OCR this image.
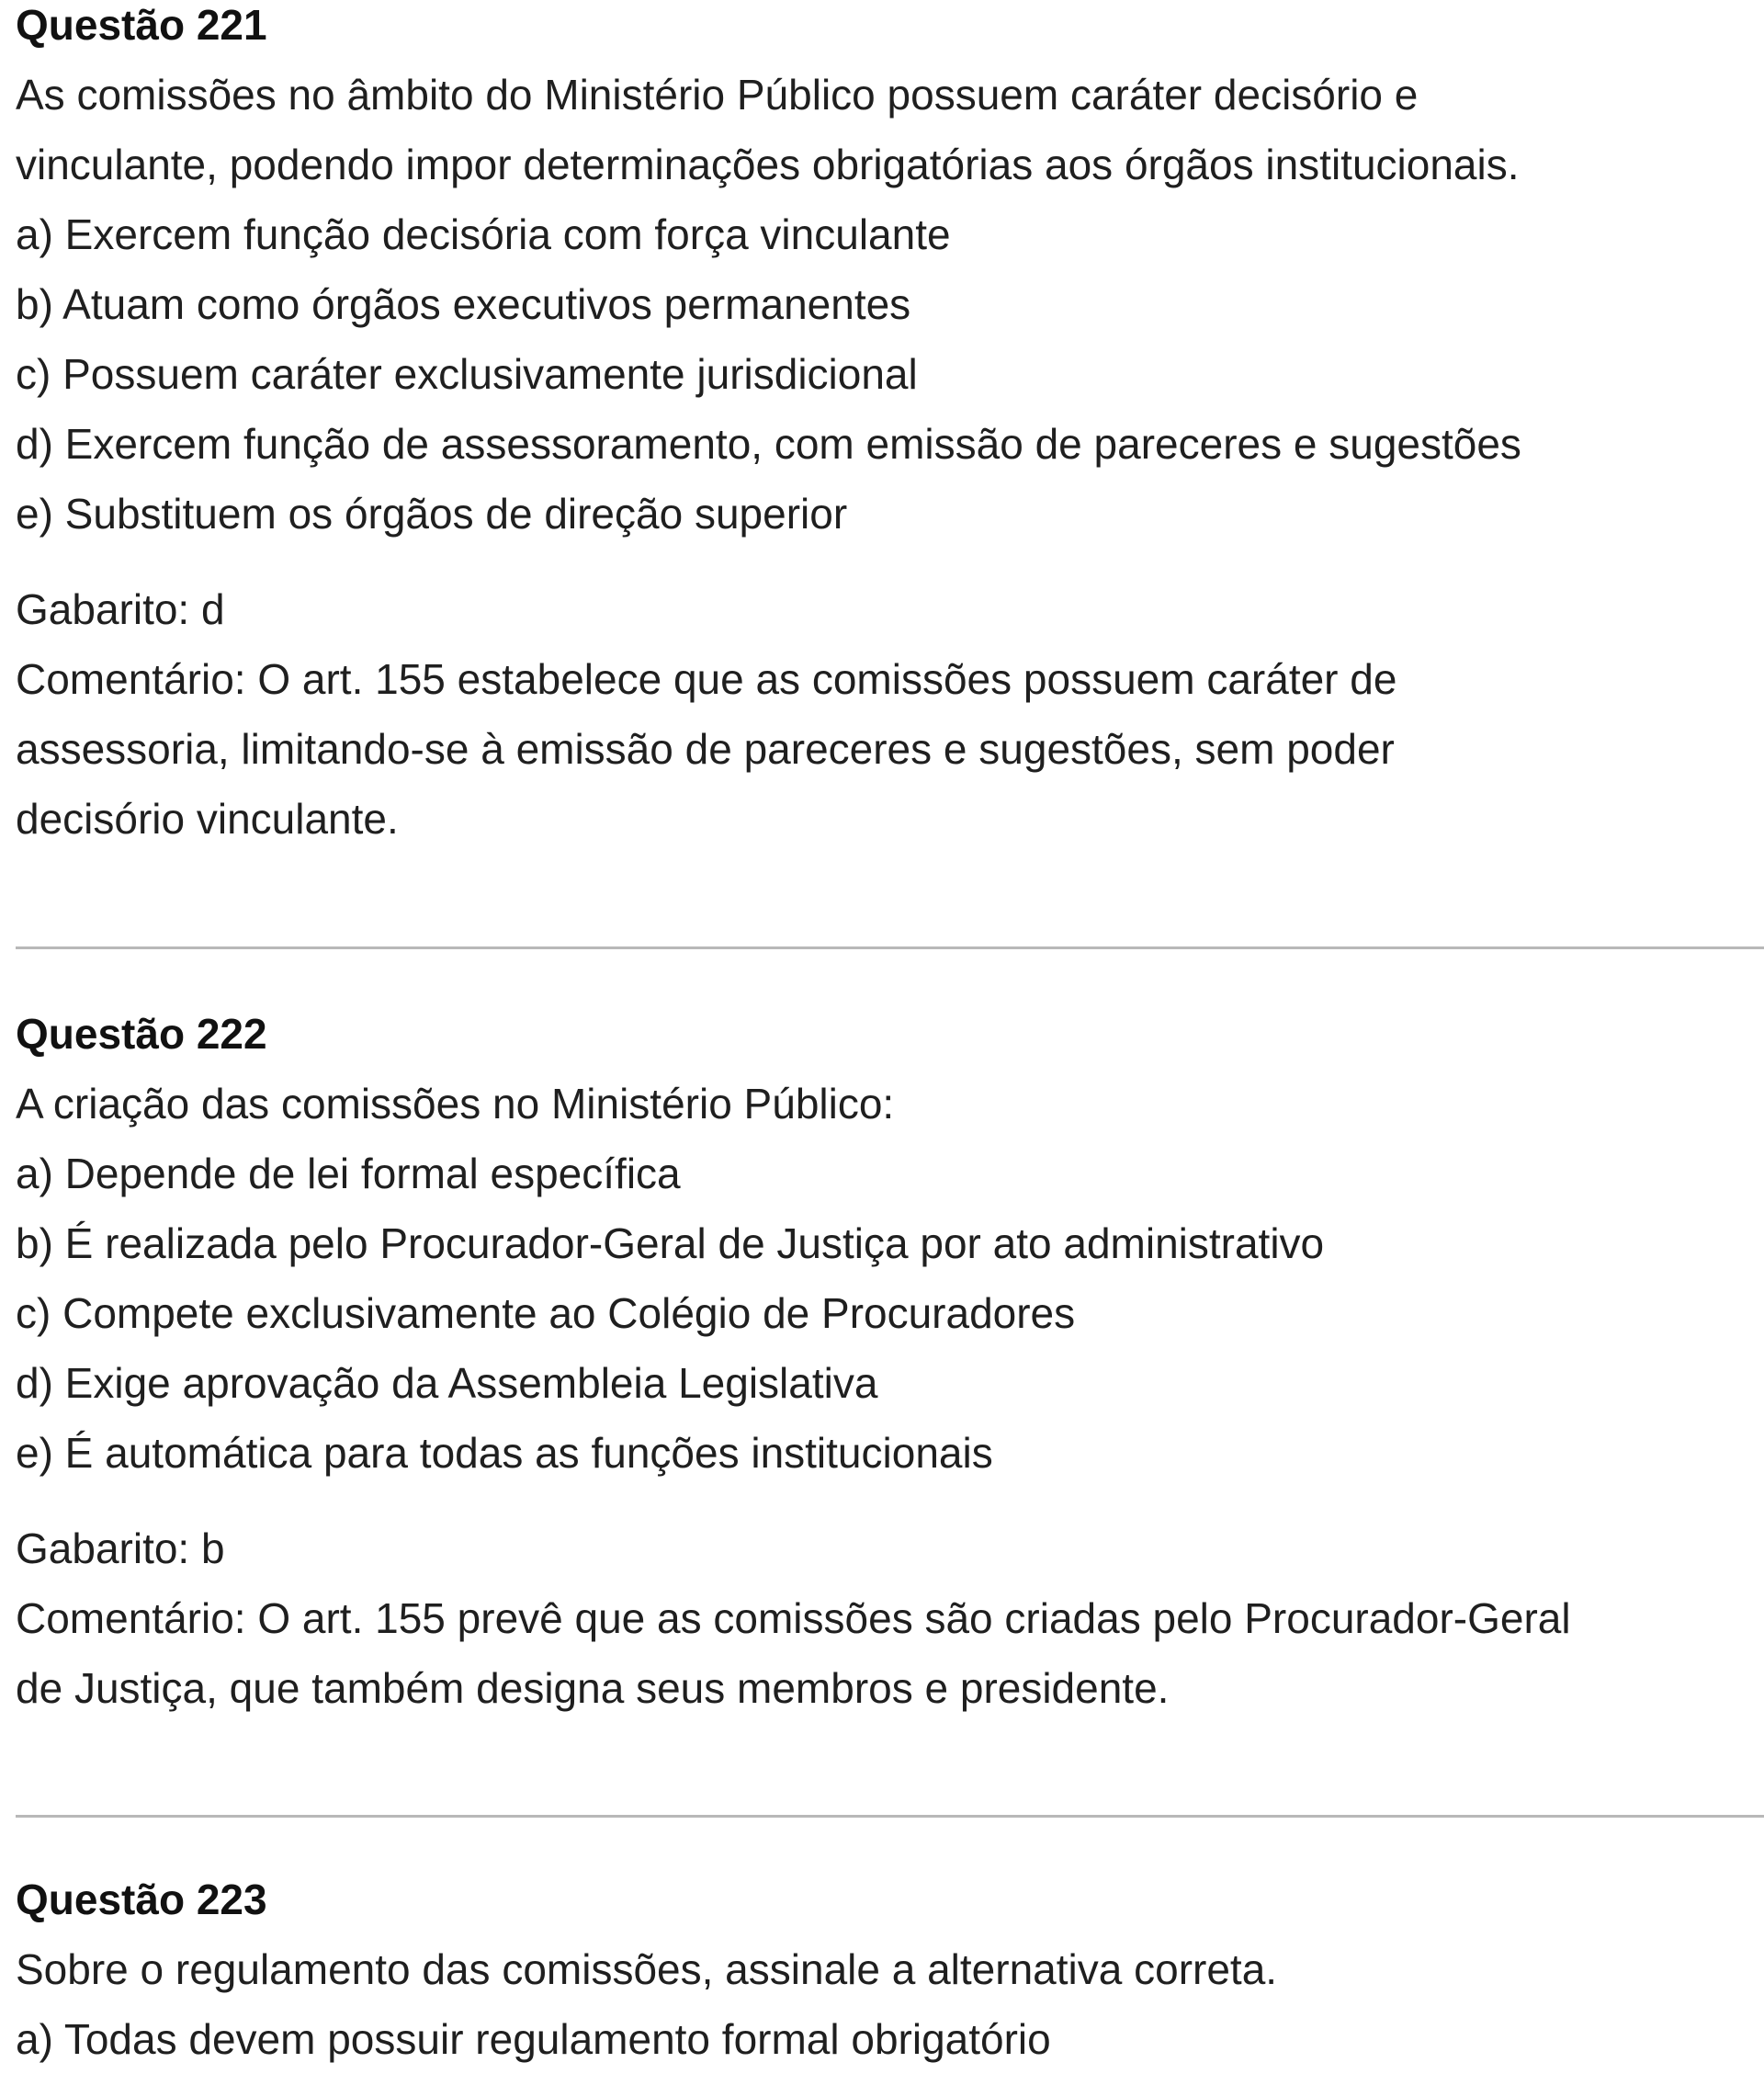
Questão 221
As comissões no âmbito do Ministério Público possuem caráter decisório e
vinculante, podendo impor determinações obrigatórias aos órgãos institucionais.
a) Exercem função decisória com força vinculante
b) Atuam como órgãos executivos permanentes
c) Possuem caráter exclusivamente jurisdicional
d) Exercem função de assessoramento, com emissão de pareceres e sugestões
e) Substituem os órgãos de direção superior
Gabarito: d
Comentário: O art. 155 estabelece que as comissões possuem caráter de
assessoria, limitando-se à emissão de pareceres e sugestões, sem poder
decisório vinculante.
Questão 222
A criação das comissões no Ministério Público:
a) Depende de lei formal específica
b) É realizada pelo Procurador-Geral de Justiça por ato administrativo
c) Compete exclusivamente ao Colégio de Procuradores
d) Exige aprovação da Assembleia Legislativa
e) É automática para todas as funções institucionais
Gabarito: b
Comentário: O art. 155 prevê que as comissões são criadas pelo Procurador-Geral
de Justiça, que também designa seus membros e presidente.
Questão 223
Sobre o regulamento das comissões, assinale a alternativa correta.
a) Todas devem possuir regulamento formal obrigatório
